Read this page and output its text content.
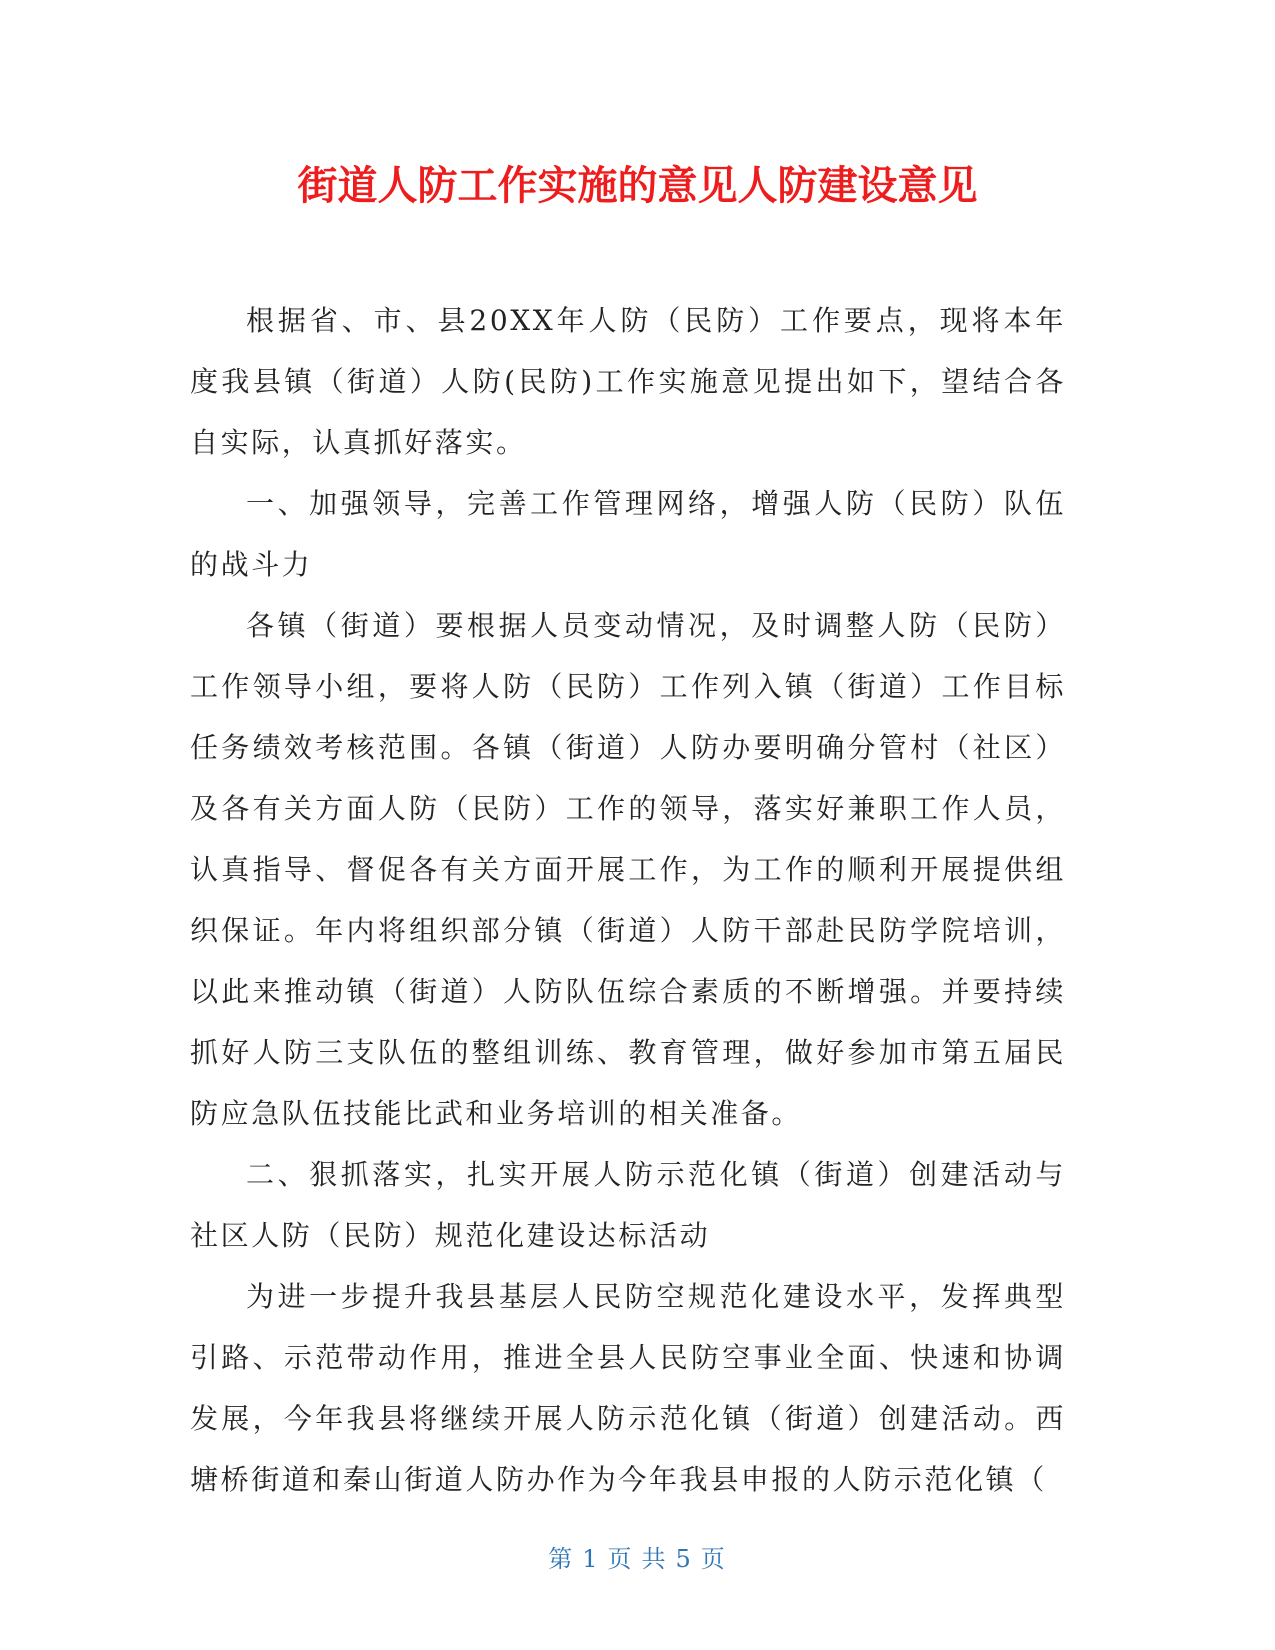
街道人防工作实施的意见人防建设意见

根据省、市、县20XX年人防（民防）工作要点，现将本年度我县镇（街道）人防(民防)工作实施意见提出如下，望结合各自实际，认真抓好落实。

一、加强领导，完善工作管理网络，增强人防（民防）队伍的战斗力

各镇（街道）要根据人员变动情况，及时调整人防（民防）工作领导小组，要将人防（民防）工作列入镇（街道）工作目标任务绩效考核范围。各镇（街道）人防办要明确分管村（社区）及各有关方面人防（民防）工作的领导，落实好兼职工作人员，认真指导、督促各有关方面开展工作，为工作的顺利开展提供组织保证。年内将组织部分镇（街道）人防干部赴民防学院培训，以此来推动镇（街道）人防队伍综合素质的不断增强。并要持续抓好人防三支队伍的整组训练、教育管理，做好参加市第五届民防应急队伍技能比武和业务培训的相关准备。

二、狠抓落实，扎实开展人防示范化镇（街道）创建活动与社区人防（民防）规范化建设达标活动

为进一步提升我县基层人民防空规范化建设水平，发挥典型引路、示范带动作用，推进全县人民防空事业全面、快速和协调发展，今年我县将继续开展人防示范化镇（街道）创建活动。西塘桥街道和秦山街道人防办作为今年我县申报的人防示范化镇（

第 1 页 共 5 页
